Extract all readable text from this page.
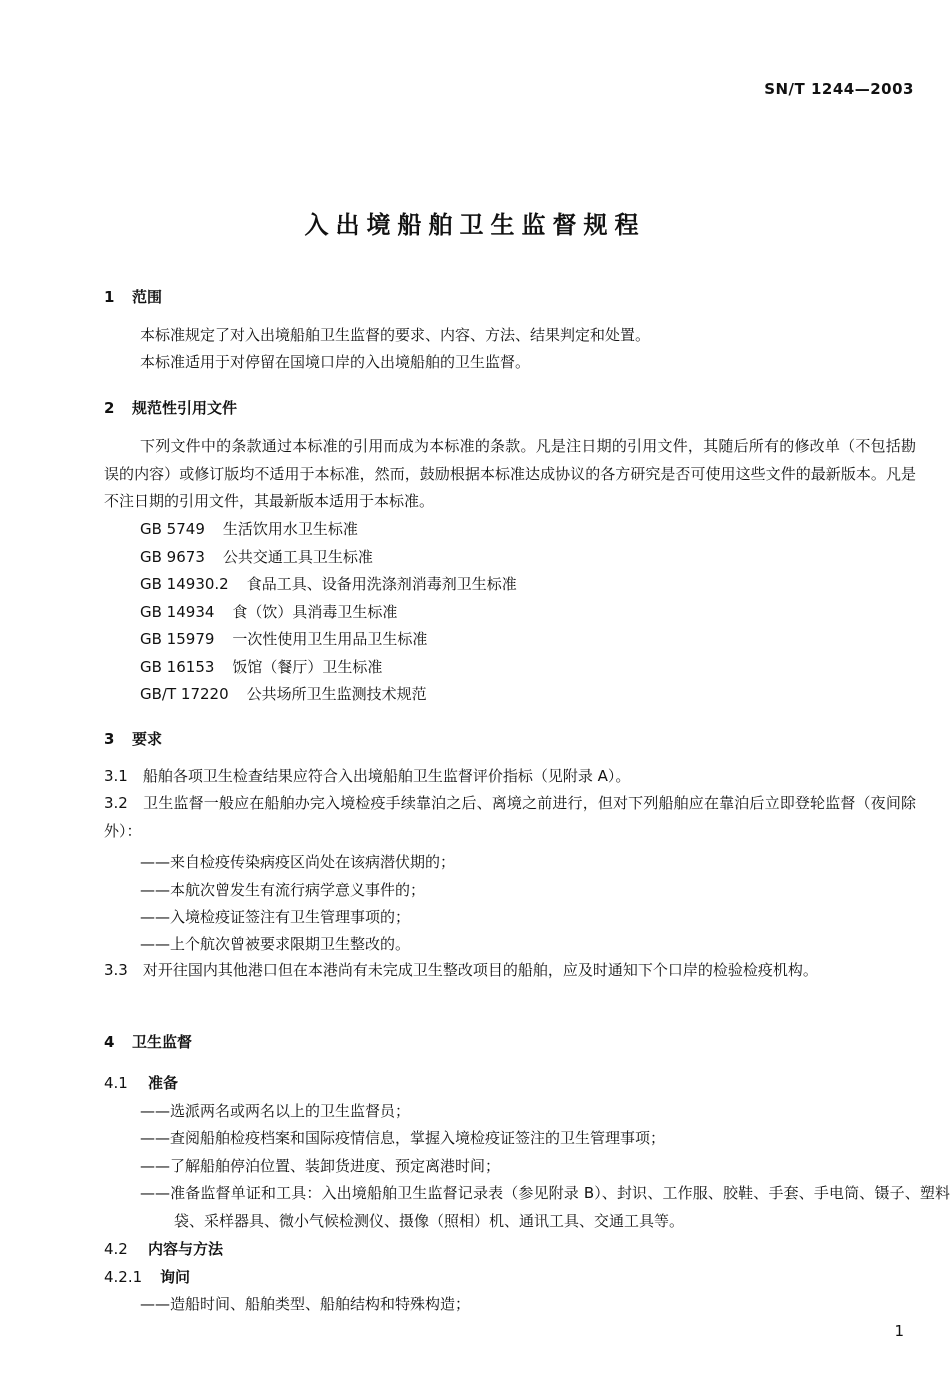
SN/T 1244—2003
入出境船舶卫生监督规程
1 范围
本标准规定了对入出境船舶卫生监督的要求、内容、方法、结果判定和处置。
本标准适用于对停留在国境口岸的入出境船舶的卫生监督。
2 规范性引用文件
下列文件中的条款通过本标准的引用而成为本标准的条款。凡是注日期的引用文件，其随后所有的修改单（不包括勘误的内容）或修订版均不适用于本标准，然而，鼓励根据本标准达成协议的各方研究是否可使用这些文件的最新版本。凡是不注日期的引用文件，其最新版本适用于本标准。
GB 5749 生活饮用水卫生标准
GB 9673 公共交通工具卫生标准
GB 14930.2 食品工具、设备用洗涤剂消毒剂卫生标准
GB 14934 食（饮）具消毒卫生标准
GB 15979 一次性使用卫生用品卫生标准
GB 16153 饭馆（餐厅）卫生标准
GB/T 17220 公共场所卫生监测技术规范
3 要求
3.1　船舶各项卫生检查结果应符合入出境船舶卫生监督评价指标（见附录 A）。
3.2　卫生监督一般应在船舶办完入境检疫手续靠泊之后、离境之前进行，但对下列船舶应在靠泊后立即登轮监督（夜间除外）：
——来自检疫传染病疫区尚处在该病潜伏期的；
——本航次曾发生有流行病学意义事件的；
——入境检疫证签注有卫生管理事项的；
——上个航次曾被要求限期卫生整改的。
3.3　对开往国内其他港口但在本港尚有未完成卫生整改项目的船舶，应及时通知下个口岸的检验检疫机构。
4 卫生监督
4.1 准备
——选派两名或两名以上的卫生监督员；
——查阅船舶检疫档案和国际疫情信息，掌握入境检疫证签注的卫生管理事项；
——了解船舶停泊位置、装卸货进度、预定离港时间；
——准备监督单证和工具：入出境船舶卫生监督记录表（参见附录 B）、封识、工作服、胶鞋、手套、手电筒、镊子、塑料袋、采样器具、微小气候检测仪、摄像（照相）机、通讯工具、交通工具等。
4.2 内容与方法
4.2.1 询问
——造船时间、船舶类型、船舶结构和特殊构造；
1
